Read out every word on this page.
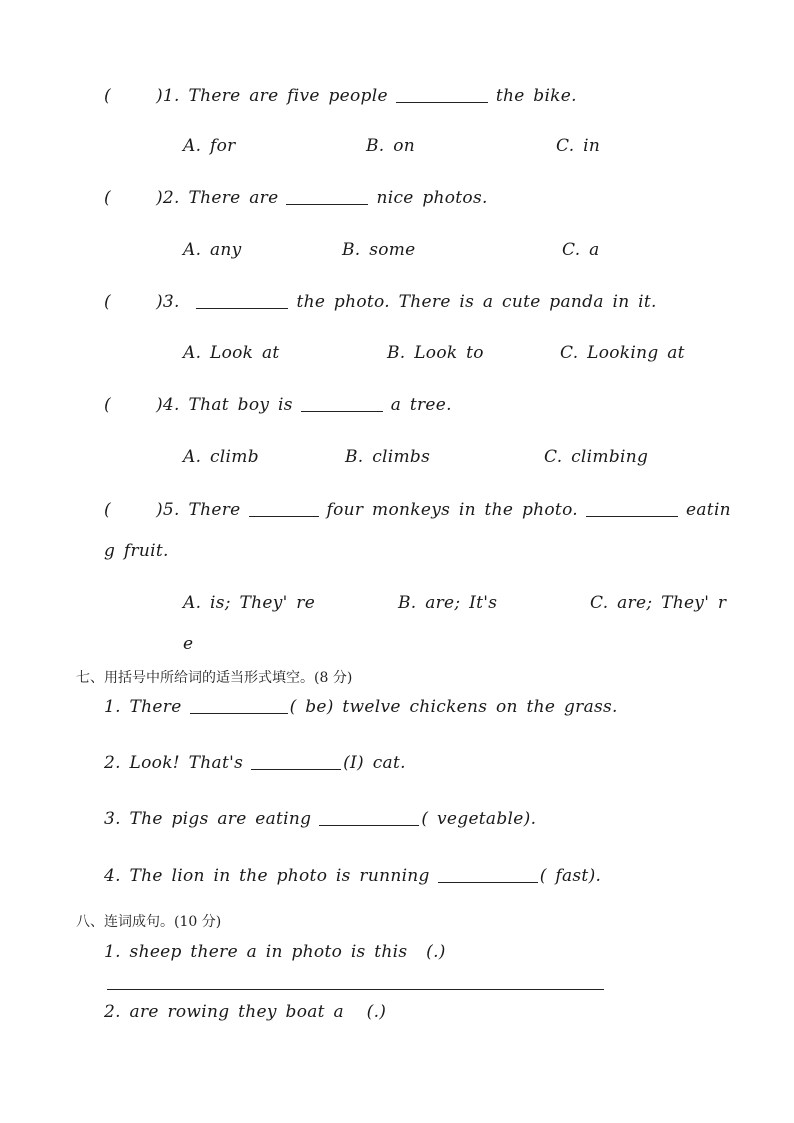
(	)1. There are five people	the bike.
A. for	B. on	C. in
(	)2. There are	nice photos.
A. any	B. some	C. a
(	)3.	the photo. There is a cute panda in it.
A. Look at	B. Look to	C. Looking at
(	)4. That boy is	a tree.
A. climb	B. climbs	C. climbing
(	)5. There	four monkeys in the photo.	eatin
g fruit.
A. is; They' re	B. are; It's	C. are; They' r
e
七、用括号中所给词的适当形式填空。(8 分)
1. There	( be) twelve chickens on the grass.
2. Look! That's	(I) cat.
3. The pigs are eating	( vegetable).
4. The lion in the photo is running	( fast).
八、连词成句。(10 分)
1. sheep there a in photo is this (.)
2. are rowing they boat a (.)
